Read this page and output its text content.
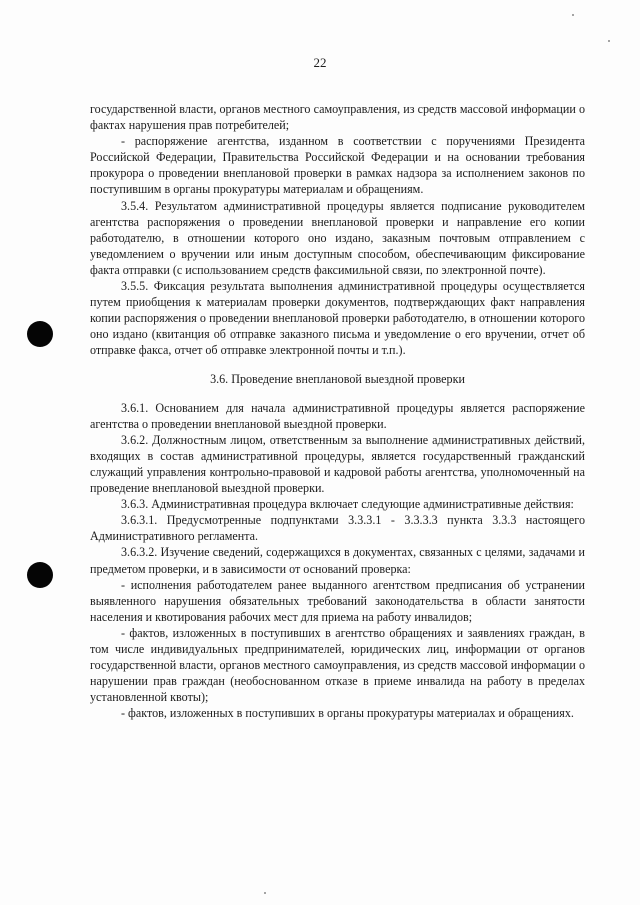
22

государственной власти, органов местного самоуправления, из средств массовой информации о фактах нарушения прав потребителей;

- распоряжение агентства, изданном в соответствии с поручениями Президента Российской Федерации, Правительства Российской Федерации и на основании требования прокурора о проведении внеплановой проверки в рамках надзора за исполнением законов по поступившим в органы прокуратуры материалам и обращениям.

3.5.4. Результатом административной процедуры является подписание руководителем агентства распоряжения о проведении внеплановой проверки и направление его копии работодателю, в отношении которого оно издано, заказным почтовым отправлением с уведомлением о вручении или иным доступным способом, обеспечивающим фиксирование факта отправки (с использованием средств факсимильной связи, по электронной почте).

3.5.5. Фиксация результата выполнения административной процедуры осуществляется путем приобщения к материалам проверки документов, подтверждающих факт направления копии распоряжения о проведении внеплановой проверки работодателю, в отношении которого оно издано (квитанция об отправке заказного письма и уведомление о его вручении, отчет об отправке факса, отчет об отправке электронной почты и т.п.).

3.6. Проведение внеплановой выездной проверки

3.6.1. Основанием для начала административной процедуры является распоряжение агентства о проведении внеплановой выездной проверки.

3.6.2. Должностным лицом, ответственным за выполнение административных действий, входящих в состав административной процедуры, является государственный гражданский служащий управления контрольно-правовой и кадровой работы агентства, уполномоченный на проведение внеплановой выездной проверки.

3.6.3. Административная процедура включает следующие административные действия:

3.6.3.1. Предусмотренные подпунктами 3.3.3.1 - 3.3.3.3 пункта 3.3.3 настоящего Административного регламента.

3.6.3.2. Изучение сведений, содержащихся в документах, связанных с целями, задачами и предметом проверки, и в зависимости от оснований проверка:

- исполнения работодателем ранее выданного агентством предписания об устранении выявленного нарушения обязательных требований законодательства в области занятости населения и квотирования рабочих мест для приема на работу инвалидов;

- фактов, изложенных в поступивших в агентство обращениях и заявлениях граждан, в том числе индивидуальных предпринимателей, юридических лиц, информации от органов государственной власти, органов местного самоуправления, из средств массовой информации о нарушении прав граждан (необоснованном отказе в приеме инвалида на работу в пределах установленной квоты);

- фактов, изложенных в поступивших в органы прокуратуры материалах и обращениях.
